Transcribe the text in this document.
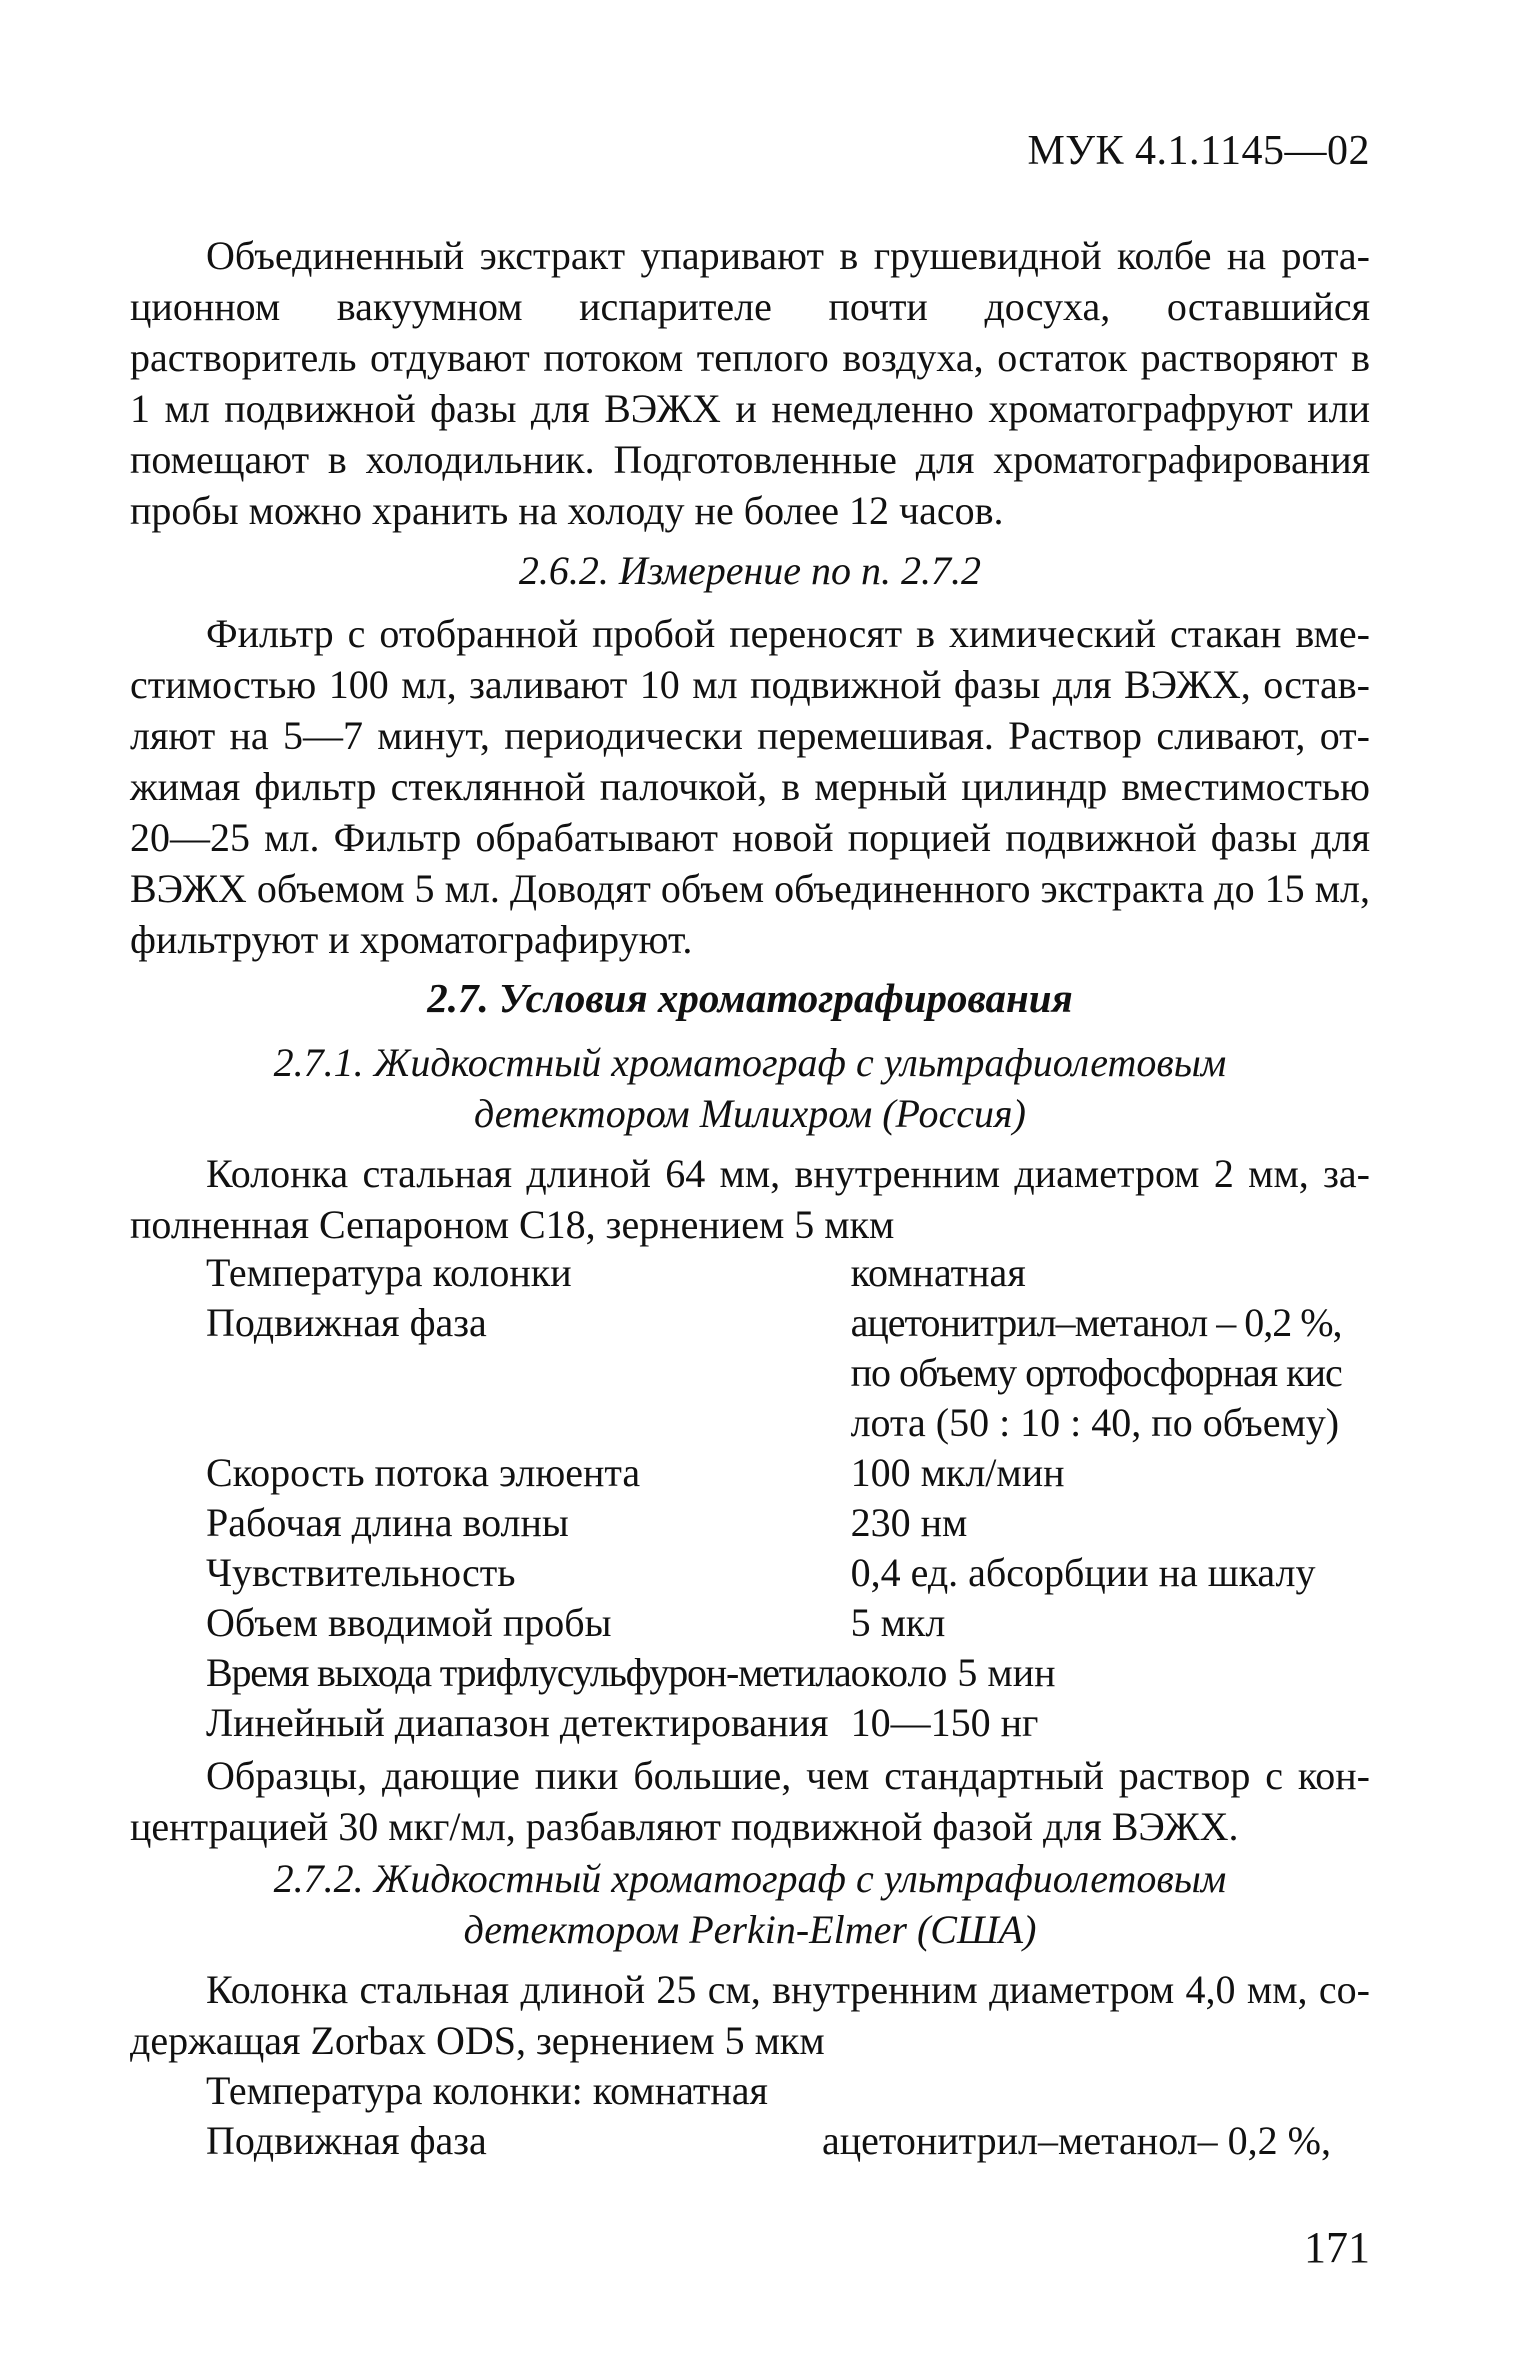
МУК 4.1.1145—02

Объединенный экстракт упаривают в грушевидной колбе на ротационном вакуумном испарителе почти досуха, оставшийся растворитель отдувают потоком теплого воздуха, остаток растворяют в 1 мл подвижной фазы для ВЭЖХ и немедленно хроматографруют или помещают в холодильник. Подготовленные для хроматографирования пробы можно хранить на холоду не более 12 часов.

2.6.2. Измерение по п. 2.7.2

Фильтр с отобранной пробой переносят в химический стакан вместимостью 100 мл, заливают 10 мл подвижной фазы для ВЭЖХ, оставляют на 5—7 минут, периодически перемешивая. Раствор сливают, отжимая фильтр стеклянной палочкой, в мерный цилиндр вместимостью 20—25 мл. Фильтр обрабатывают новой порцией подвижной фазы для ВЭЖХ объемом 5 мл. Доводят объем объединенного экстракта до 15 мл, фильтруют и хроматографируют.

2.7. Условия хроматографирования
2.7.1. Жидкостный хроматограф с ультрафиолетовым
детектором Милихром (Россия)

Колонка стальная длиной 64 мм, внутренним диаметром 2 мм, заполненная Сепароном С18, зернением 5 мкм

Температура колонки	комнатная
Подвижная фаза	ацетонитрил–метанол – 0,2 %,
	по объему ортофосфорная кис
	лота (50 : 10 : 40, по объему)
Скорость потока элюента	100 мкл/мин
Рабочая длина волны	230 нм
Чувствительность	0,4 ед. абсорбции на шкалу
Объем вводимой пробы	5 мкл
Время выхода трифлусульфурон-метила	около 5 мин
Линейный диапазон детектирования	10—150 нг

Образцы, дающие пики большие, чем стандартный раствор с концентрацией 30 мкг/мл, разбавляют подвижной фазой для ВЭЖХ.

2.7.2. Жидкостный хроматограф с ультрафиолетовым
детектором Perkin-Elmer (США)

Колонка стальная длиной 25 см, внутренним диаметром 4,0 мм, содержащая Zorbax ODS, зернением 5 мкм

Температура колонки: комнатная
Подвижная фаза	ацетонитрил–метанол– 0,2 %,
171
